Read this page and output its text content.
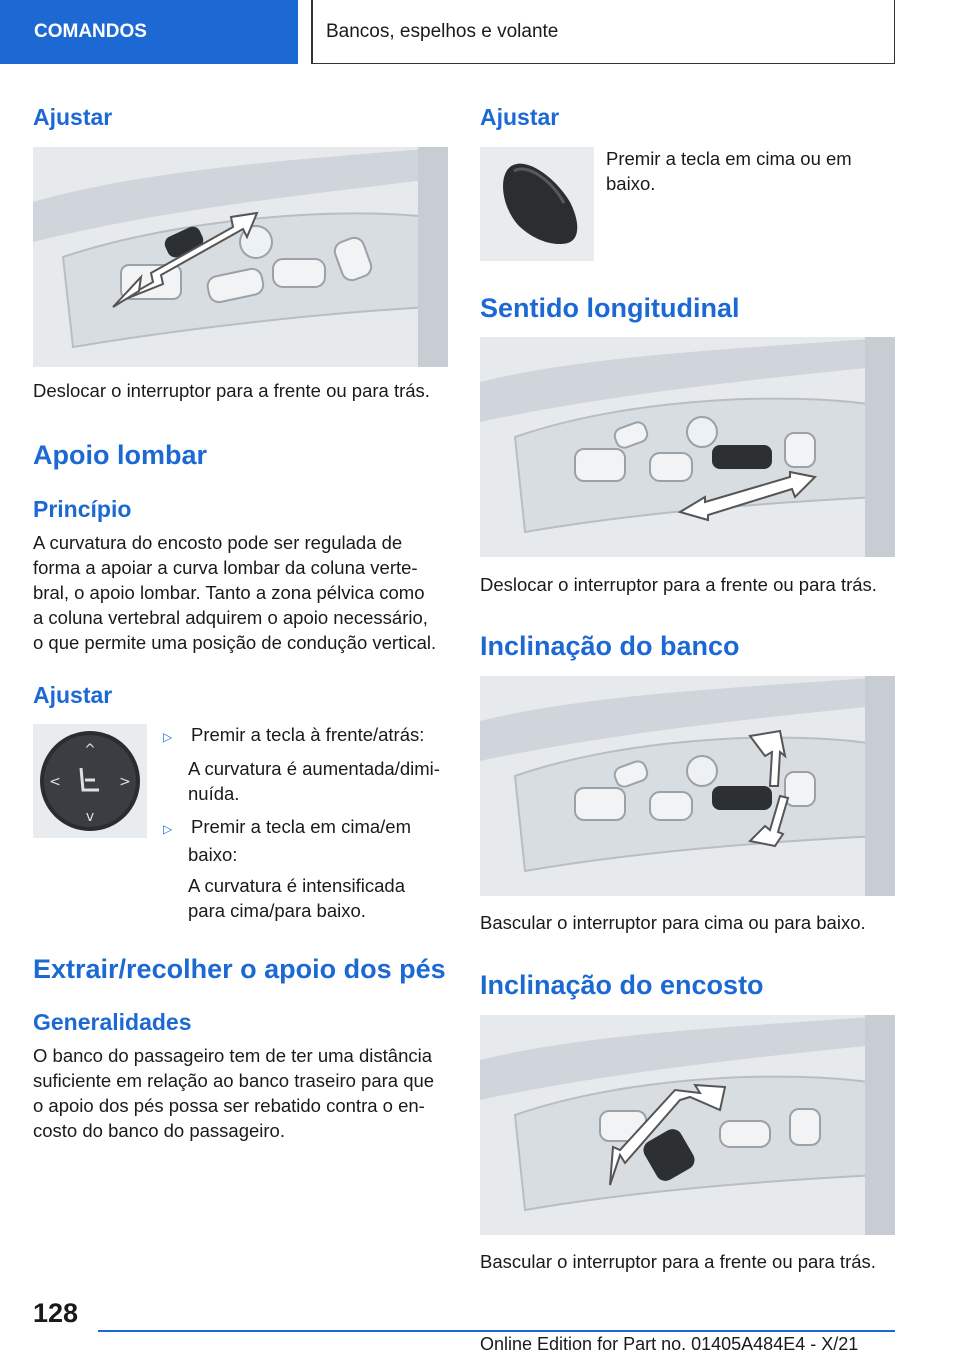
COMANDOS	Bancos, espelhos e volante
Ajustar

Deslocar o interruptor para a frente ou para trás.

Apoio lombar
Princípio
A curvatura do encosto pode ser regulada de
forma a apoiar a curva lombar da coluna verte‐
bral, o apoio lombar. Tanto a zona pélvica como
a coluna vertebral adquirem o apoio necessário,
o que permite uma posição de condução vertical.
Ajustar
^
v
<	>
▷ Premir a tecla à frente/atrás:
A curvatura é aumentada/dimi‐
nuída.
▷ Premir a tecla em cima/em
baixo:
A curvatura é intensificada
para cima/para baixo.
Extrair/recolher o apoio dos pés
Generalidades
O banco do passageiro tem de ter uma distância
suficiente em relação ao banco traseiro para que
o apoio dos pés possa ser rebatido contra o en‐
costo do banco do passageiro.
Ajustar
Premir a tecla em cima ou em
baixo.
Sentido longitudinal

Deslocar o interruptor para a frente ou para trás.

Inclinação do banco

Bascular o interruptor para cima ou para baixo.

Inclinação do encosto

Bascular o interruptor para a frente ou para trás.

128
Online Edition for Part no. 01405A484E4 - X/21
